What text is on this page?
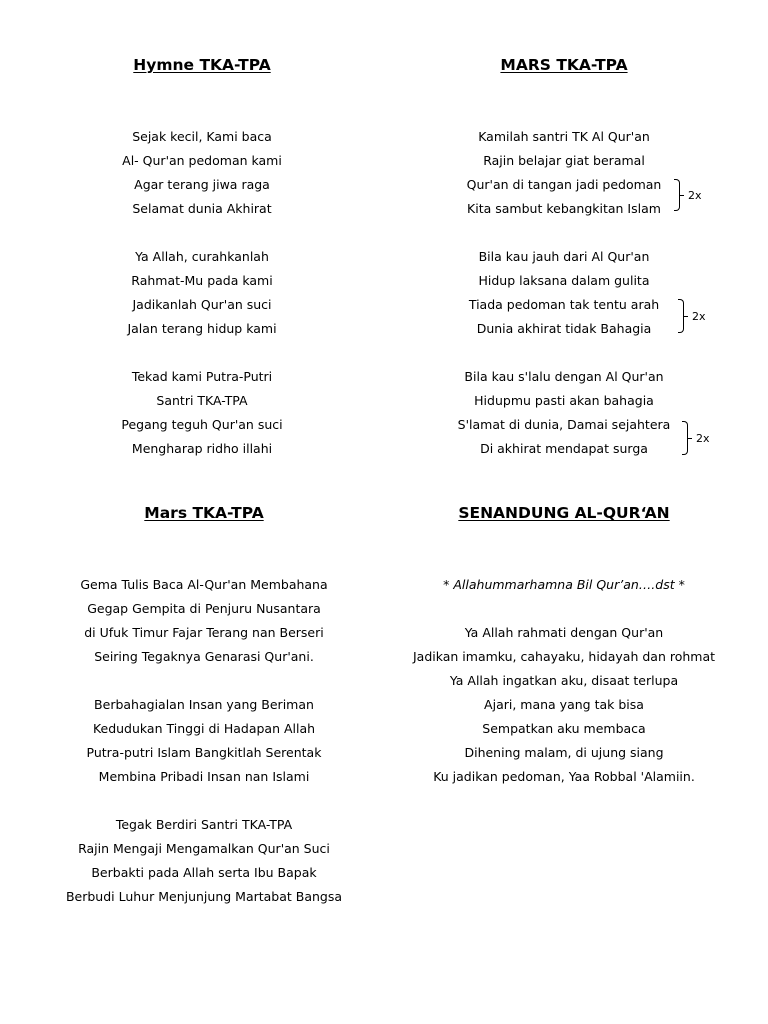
Hymne TKA-TPA
Sejak kecil, Kami baca
Al- Qur'an pedoman kami
Agar terang jiwa raga
Selamat dunia Akhirat
Ya Allah, curahkanlah
Rahmat-Mu pada kami
Jadikanlah Qur'an suci
Jalan terang hidup kami
Tekad kami Putra-Putri
Santri TKA-TPA
Pegang teguh Qur'an suci
Mengharap ridho illahi
MARS TKA-TPA
Kamilah santri TK Al Qur'an
Rajin belajar giat beramal
Qur'an di tangan jadi pedoman
Kita sambut kebangkitan Islam
Bila kau jauh dari Al Qur'an
Hidup laksana dalam gulita
Tiada pedoman tak tentu arah
Dunia akhirat tidak Bahagia
Bila kau s'lalu dengan Al Qur'an
Hidupmu pasti akan bahagia
S'lamat di dunia, Damai sejahtera
Di akhirat mendapat surga
2x
2x
2x
Mars TKA-TPA
Gema Tulis Baca Al-Qur'an Membahana
Gegap Gempita di Penjuru Nusantara
di Ufuk Timur Fajar Terang nan Berseri
Seiring Tegaknya Genarasi Qur'ani.
Berbahagialan Insan yang Beriman
Kedudukan Tinggi di Hadapan Allah
Putra-putri Islam Bangkitlah Serentak
Membina Pribadi Insan nan Islami
Tegak Berdiri Santri TKA-TPA
Rajin Mengaji Mengamalkan Qur'an Suci
Berbakti pada Allah serta Ibu Bapak
Berbudi Luhur Menjunjung Martabat Bangsa
SENANDUNG AL-QUR‘AN
* Allahummarhamna Bil Qur’an….dst *
Ya Allah rahmati dengan Qur'an
Jadikan imamku, cahayaku, hidayah dan rohmat
Ya Allah ingatkan aku, disaat terlupa
Ajari, mana yang tak bisa
Sempatkan aku membaca
Dihening malam, di ujung siang
Ku jadikan pedoman, Yaa Robbal 'Alamiin.
